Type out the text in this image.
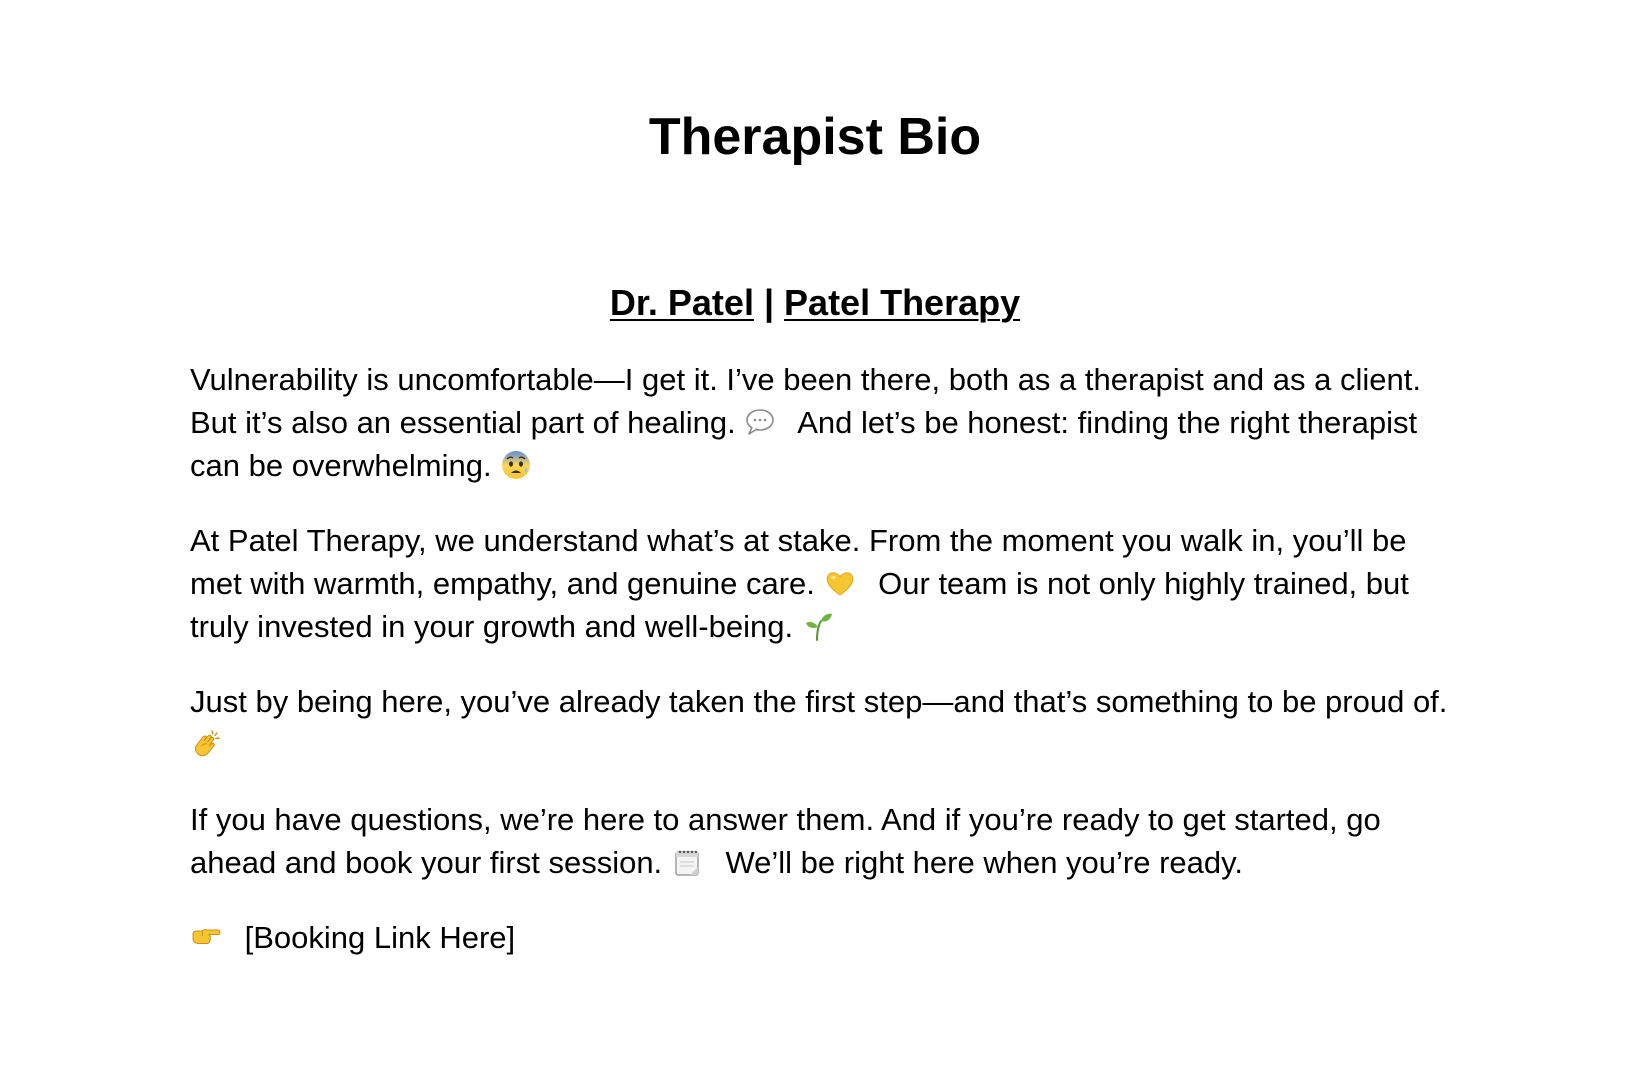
Therapist Bio
Dr. Patel | Patel Therapy

Vulnerability is uncomfortable—I get it. I’ve been there, both as a therapist and as a client. But it’s also an essential part of healing. And let’s be honest: finding the right therapist can be overwhelming.

At Patel Therapy, we understand what’s at stake. From the moment you walk in, you’ll be met with warmth, empathy, and genuine care. Our team is not only highly trained, but truly invested in your growth and well-being.

Just by being here, you’ve already taken the first step—and that’s something to be proud of.

If you have questions, we’re here to answer them. And if you’re ready to get started, go ahead and book your first session. We’ll be right here when you’re ready.

[Booking Link Here]
